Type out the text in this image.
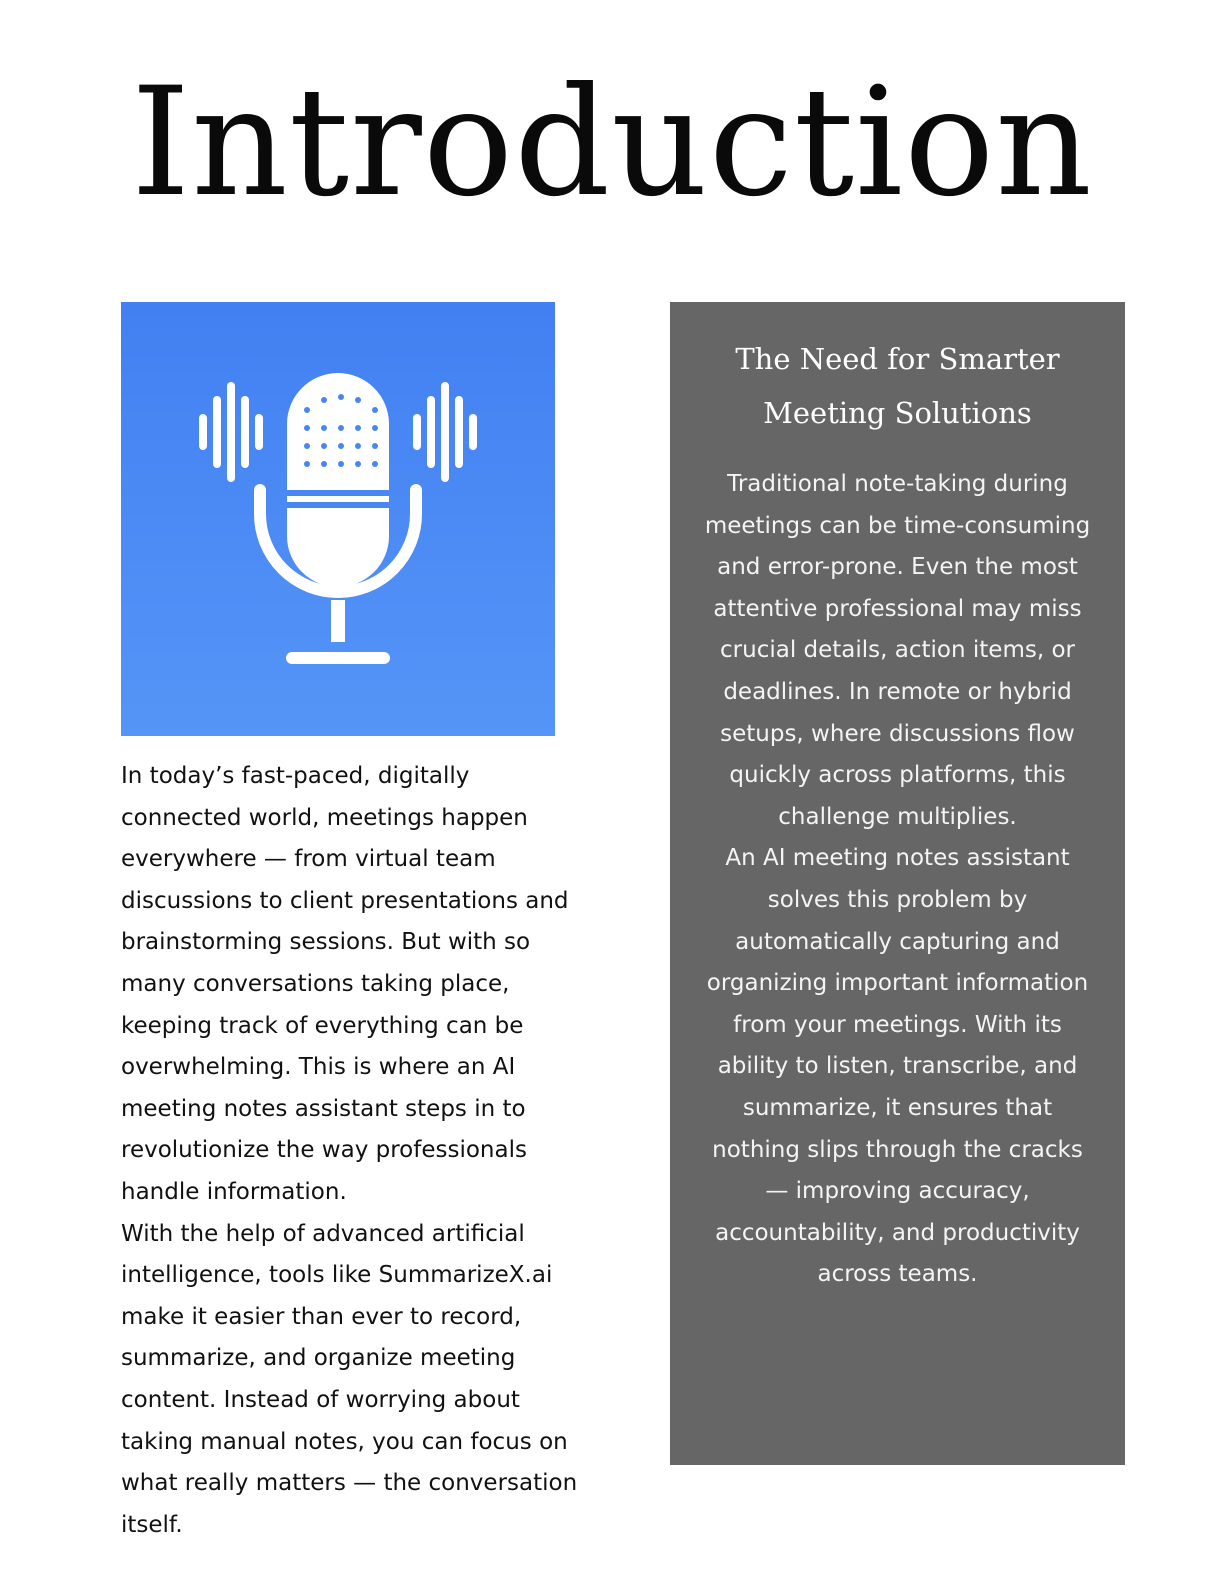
Introduction

In today’s fast-paced, digitally connected world, meetings happen everywhere — from virtual team discussions to client presentations and brainstorming sessions. But with so many conversations taking place, keeping track of everything can be overwhelming. This is where an AI meeting notes assistant steps in to revolutionize the way professionals handle information.

With the help of advanced artificial intelligence, tools like SummarizeX.ai make it easier than ever to record, summarize, and organize meeting content. Instead of worrying about taking manual notes, you can focus on what really matters — the conversation itself.

The Need for Smarter Meeting Solutions

Traditional note-taking during meetings can be time-consuming and error-prone. Even the most attentive professional may miss crucial details, action items, or deadlines. In remote or hybrid setups, where discussions flow quickly across platforms, this challenge multiplies.

An AI meeting notes assistant solves this problem by automatically capturing and organizing important information from your meetings. With its ability to listen, transcribe, and summarize, it ensures that nothing slips through the cracks — improving accuracy, accountability, and productivity across teams.
